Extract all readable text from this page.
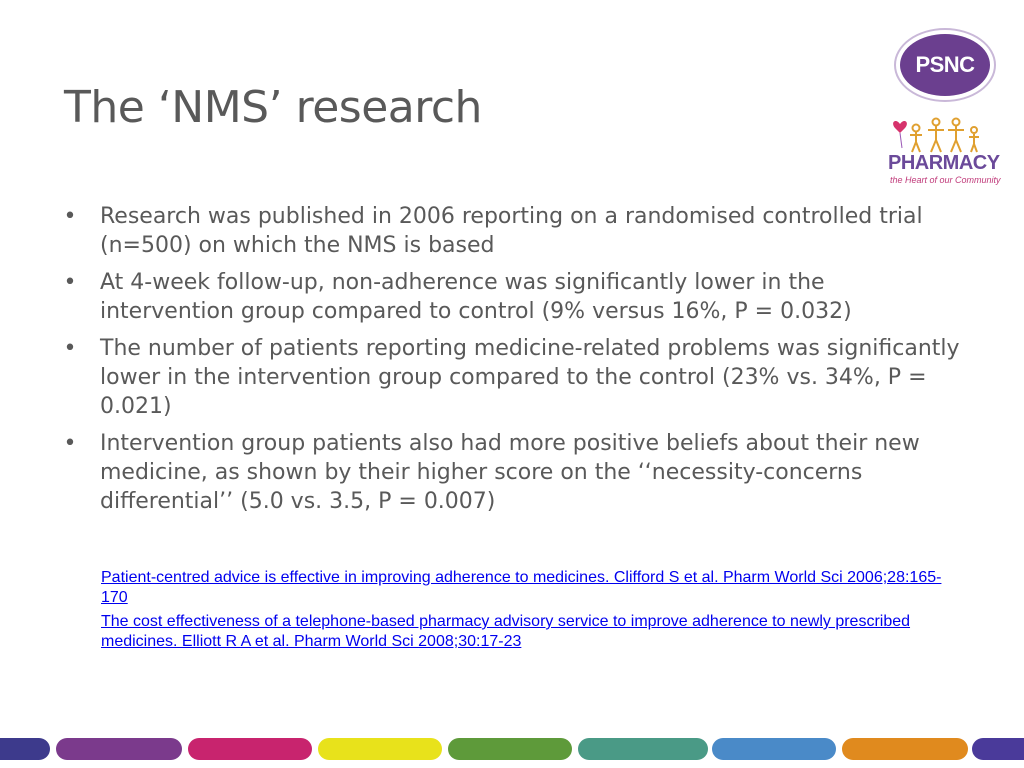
The ‘NMS’ research
• Research was published in 2006 reporting on a randomised controlled trial (n=500) on which the NMS is based
• At 4-week follow-up, non-adherence was significantly lower in the intervention group compared to control (9% versus 16%, P = 0.032)
• The number of patients reporting medicine-related problems was significantly lower in the intervention group compared to the control (23% vs. 34%, P = 0.021)
• Intervention group patients also had more positive beliefs about their new medicine, as shown by their higher score on the ‘‘necessity-concerns differential’’ (5.0 vs. 3.5, P = 0.007)
Patient-centred advice is effective in improving adherence to medicines. Clifford S et al. Pharm World Sci 2006;28:165-170
The cost effectiveness of a telephone-based pharmacy advisory service to improve adherence to newly prescribed medicines. Elliott R A et al. Pharm World Sci 2008;30:17-23
PSNC
PHARMACY
the Heart of our Community
